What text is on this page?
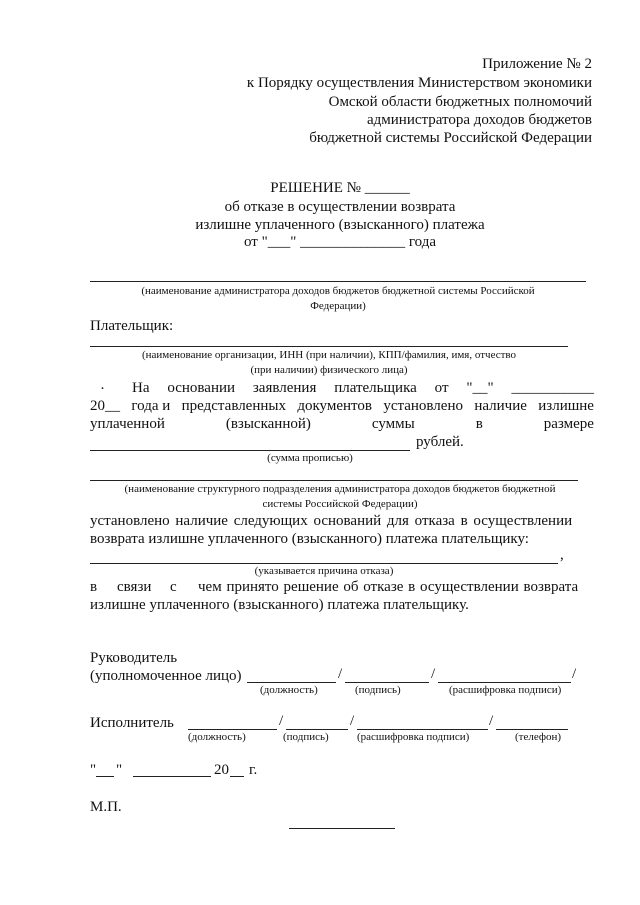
Приложение № 2
к Порядку осуществления Министерством экономики
Омской области бюджетных полномочий
администратора доходов бюджетов
бюджетной системы Российской Федерации
РЕШЕНИЕ № ______
об отказе в осуществлении возврата
излишне уплаченного (взысканного) платежа
от "___" ______________ года
(наименование администратора доходов бюджетов бюджетной системы Российской
Федерации)
Плательщик:
(наименование организации, ИНН (при наличии), КПП/фамилия, имя, отчество
(при наличии) физического лица)
· На основании заявления плательщика от "__" ___________
20__ года и представленных документов установлено наличие излишне
уплаченной	(взысканной)	суммы	в	размере
рублей.
(сумма прописью)
(наименование структурного подразделения администратора доходов бюджетов бюджетной
системы Российской Федерации)
установлено наличие следующих оснований для отказа в осуществлении
возврата излишне уплаченного (взысканного) платежа плательщику:
,
(указывается причина отказа)
в связи с чем принято решение об отказе в осуществлении возврата
излишне уплаченного (взысканного) платежа плательщику.
Руководитель
(уполномоченное лицо)	/	/	/
(должность)	(подпись)	(расшифровка подписи)
Исполнитель	/	/	/
(должность)	(подпись)	(расшифровка подписи)	(телефон)
" "	20 г.
М.П.
